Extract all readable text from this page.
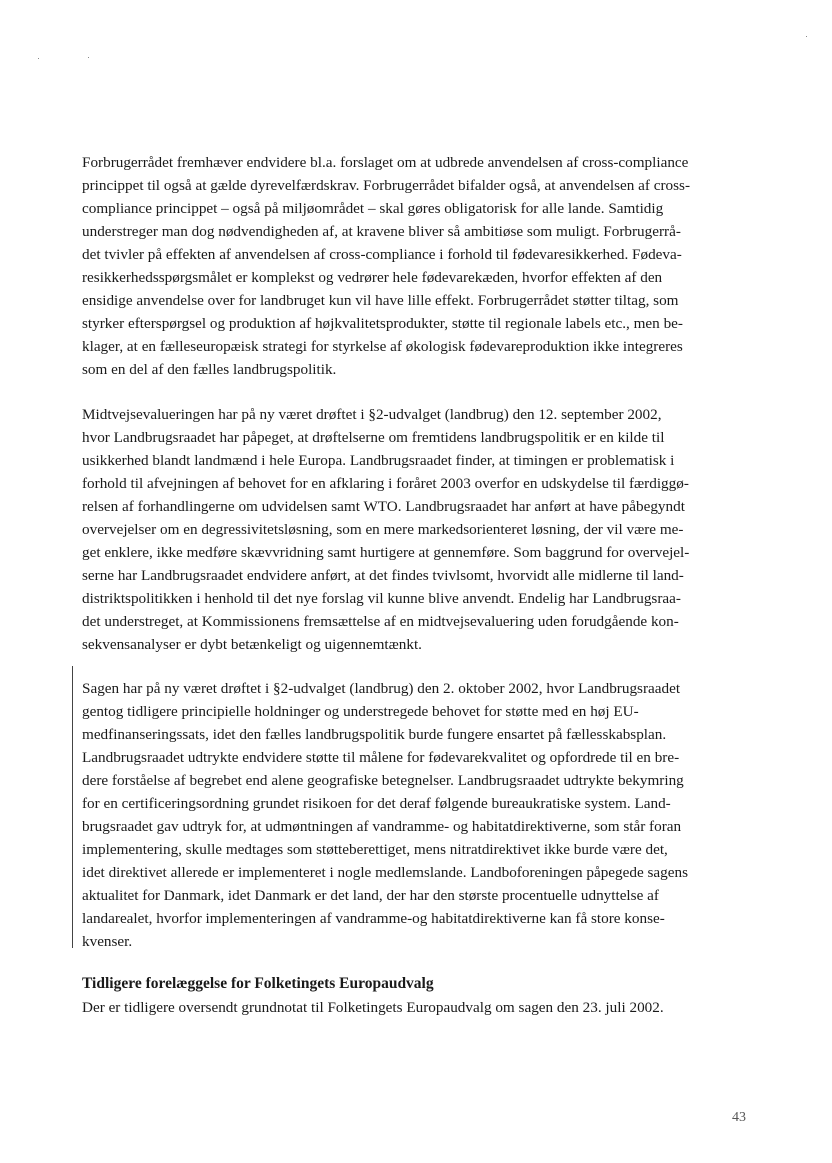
Forbrugerrådet fremhæver endvidere bl.a. forslaget om at udbrede anvendelsen af cross-compliance
princippet til også at gælde dyrevelfærdskrav. Forbrugerrådet bifalder også, at anvendelsen af cross-
compliance princippet – også på miljøområdet – skal gøres obligatorisk for alle lande. Samtidig
understreger man dog nødvendigheden af, at kravene bliver så ambitiøse som muligt. Forbrugerrå-
det tvivler på effekten af anvendelsen af cross-compliance i forhold til fødevaresikkerhed. Fødeva-
resikkerhedsspørgsmålet er komplekst og vedrører hele fødevarekæden, hvorfor effekten af den
ensidige anvendelse over for landbruget kun vil have lille effekt. Forbrugerrådet støtter tiltag, som
styrker efterspørgsel og produktion af højkvalitetsprodukter, støtte til regionale labels etc., men be-
klager, at en fælleseuropæisk strategi for styrkelse af økologisk fødevareproduktion ikke integreres
som en del af den fælles landbrugspolitik.
Midtvejsevalueringen har på ny været drøftet i §2-udvalget (landbrug) den 12. september 2002,
hvor Landbrugsraadet har påpeget, at drøftelserne om fremtidens landbrugspolitik er en kilde til
usikkerhed blandt landmænd i hele Europa. Landbrugsraadet finder, at timingen er problematisk i
forhold til afvejningen af behovet for en afklaring i foråret 2003 overfor en udskydelse til færdiggø-
relsen af forhandlingerne om udvidelsen samt WTO. Landbrugsraadet har anført at have påbegyndt
overvejelser om en degressivitetsløsning, som en mere markedsorienteret løsning, der vil være me-
get enklere, ikke medføre skævvridning samt hurtigere at gennemføre. Som baggrund for overvejel-
serne har Landbrugsraadet endvidere anført, at det findes tvivlsomt, hvorvidt alle midlerne til land-
distriktspolitikken i henhold til det nye forslag vil kunne blive anvendt. Endelig har Landbrugsraa-
det understreget, at Kommissionens fremsættelse af en midtvejsevaluering uden forudgående kon-
sekvensanalyser er dybt betænkeligt og uigennemtænkt.
Sagen har på ny været drøftet i §2-udvalget (landbrug) den 2. oktober 2002, hvor Landbrugsraadet
gentog tidligere principielle holdninger og understregede behovet for støtte med en høj EU-
medfinanseringssats, idet den fælles landbrugspolitik burde fungere ensartet på fællesskabsplan.
Landbrugsraadet udtrykte endvidere støtte til målene for fødevarekvalitet og opfordrede til en bre-
dere forståelse af begrebet end alene geografiske betegnelser. Landbrugsraadet udtrykte bekymring
for en certificeringsordning grundet risikoen for det deraf følgende bureaukratiske system. Land-
brugsraadet gav udtryk for, at udmøntningen af vandramme- og habitatdirektiverne, som står foran
implementering, skulle medtages som støtteberettiget, mens nitratdirektivet ikke burde være det,
idet direktivet allerede er implementeret i nogle medlemslande. Landboforeningen påpegede sagens
aktualitet for Danmark, idet Danmark er det land, der har den største procentuelle udnyttelse af
landarealet, hvorfor implementeringen af vandramme-og habitatdirektiverne kan få store konse-
kvenser.

Tidligere forelæggelse for Folketingets Europaudvalg

Der er tidligere oversendt grundnotat til Folketingets Europaudvalg om sagen den 23. juli 2002.

43
